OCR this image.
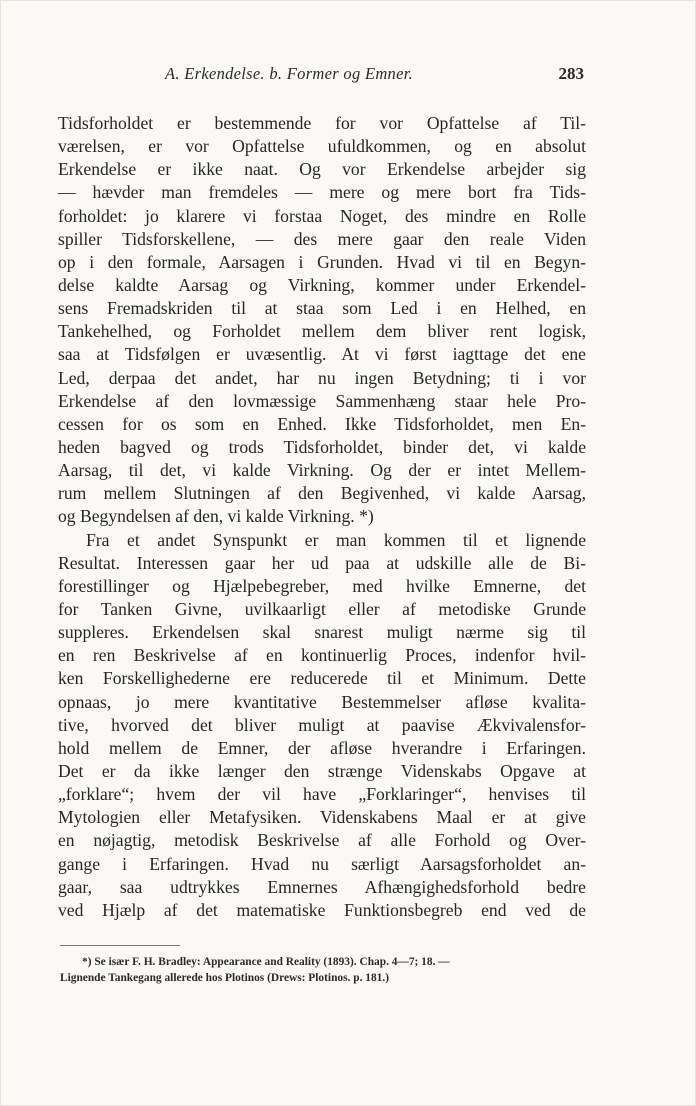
A. Erkendelse. b. Former og Emner.	283
Tidsforholdet er bestemmende for vor Opfattelse af Til-
værelsen, er vor Opfattelse ufuldkommen, og en absolut
Erkendelse er ikke naat. Og vor Erkendelse arbejder sig
— hævder man fremdeles — mere og mere bort fra Tids-
forholdet: jo klarere vi forstaa Noget, des mindre en Rolle
spiller Tidsforskellene, — des mere gaar den reale Viden
op i den formale, Aarsagen i Grunden. Hvad vi til en Begyn-
delse kaldte Aarsag og Virkning, kommer under Erkendel-
sens Fremadskriden til at staa som Led i en Helhed, en
Tankehelhed, og Forholdet mellem dem bliver rent logisk,
saa at Tidsfølgen er uvæsentlig. At vi først iagttage det ene
Led, derpaa det andet, har nu ingen Betydning; ti i vor
Erkendelse af den lovmæssige Sammenhæng staar hele Pro-
cessen for os som en Enhed. Ikke Tidsforholdet, men En-
heden bagved og trods Tidsforholdet, binder det, vi kalde
Aarsag, til det, vi kalde Virkning. Og der er intet Mellem-
rum mellem Slutningen af den Begivenhed, vi kalde Aarsag,
og Begyndelsen af den, vi kalde Virkning. *)
Fra et andet Synspunkt er man kommen til et lignende
Resultat. Interessen gaar her ud paa at udskille alle de Bi-
forestillinger og Hjælpebegreber, med hvilke Emnerne, det
for Tanken Givne, uvilkaarligt eller af metodiske Grunde
suppleres. Erkendelsen skal snarest muligt nærme sig til
en ren Beskrivelse af en kontinuerlig Proces, indenfor hvil-
ken Forskellighederne ere reducerede til et Minimum. Dette
opnaas, jo mere kvantitative Bestemmelser afløse kvalita-
tive, hvorved det bliver muligt at paavise Ækvivalensfor-
hold mellem de Emner, der afløse hverandre i Erfaringen.
Det er da ikke længer den strænge Videnskabs Opgave at
„forklare“; hvem der vil have „Forklaringer“, henvises til
Mytologien eller Metafysiken. Videnskabens Maal er at give
en nøjagtig, metodisk Beskrivelse af alle Forhold og Over-
gange i Erfaringen. Hvad nu særligt Aarsagsforholdet an-
gaar, saa udtrykkes Emnernes Afhængighedsforhold bedre
ved Hjælp af det matematiske Funktionsbegreb end ved de
*) Se især F. H. Bradley: Appearance and Reality (1893). Chap. 4—7; 18. —
Lignende Tankegang allerede hos Plotinos (Drews: Plotinos. p. 181.)
